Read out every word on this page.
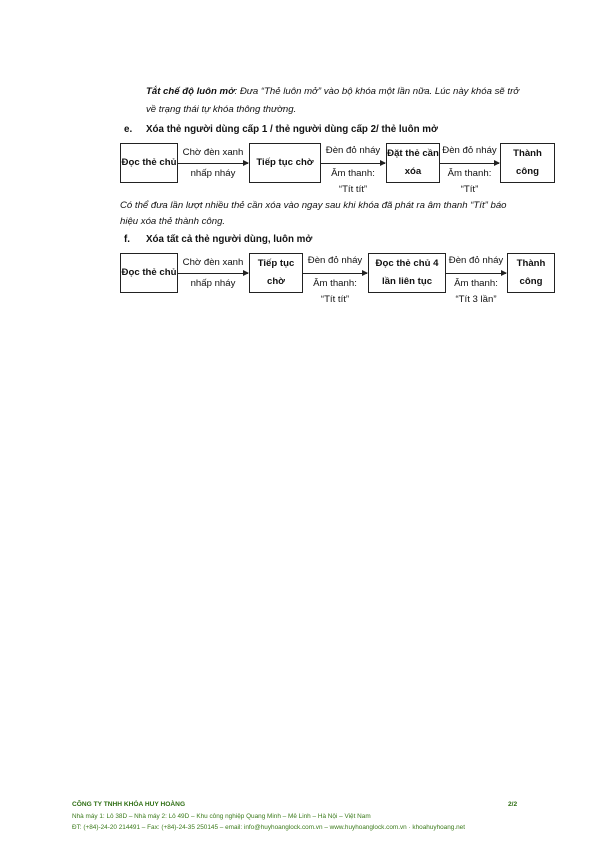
Tắt chế độ luôn mở: Đưa “Thẻ luôn mở” vào bộ khóa một lần nữa. Lúc này khóa sẽ trở
về trạng thái tự khóa thông thường.
e. Xóa thẻ người dùng cấp 1 / thẻ người dùng cấp 2/ thẻ luôn mở
Đọc thẻ chủ	Tiếp tục chờ
Đặt thẻ cần xóa
Thành công
Chờ đèn xanh
nhấp nháy
Đèn đỏ nháy
Âm thanh:
“Tít tít”
Đèn đỏ nháy
Âm thanh:
“Tít”
Có thể đưa lần lượt nhiều thẻ cần xóa vào ngay sau khi khóa đã phát ra âm thanh “Tít” báo
hiệu xóa thẻ thành công.
f. Xóa tất cả thẻ người dùng, luôn mở
Đọc thẻ chủ
Tiếp tục chờ
Đọc thẻ chủ 4 lần liên tục
Thành công
Chờ đèn xanh
nhấp nháy
Đèn đỏ nháy
Âm thanh:
“Tít tít”
Đèn đỏ nháy
Âm thanh:
“Tít 3 lần”
CÔNG TY TNHH KHÓA HUY HOÀNG	2/2
Nhà máy 1: Lô 38D – Nhà máy 2: Lô 49D – Khu công nghiệp Quang Minh – Mê Linh – Hà Nội – Việt Nam
ĐT: (+84)-24-20 214491 – Fax: (+84)-24-35 250145 – email: info@huyhoanglock.com.vn – www.huyhoanglock.com.vn · khoahuyhoang.net
